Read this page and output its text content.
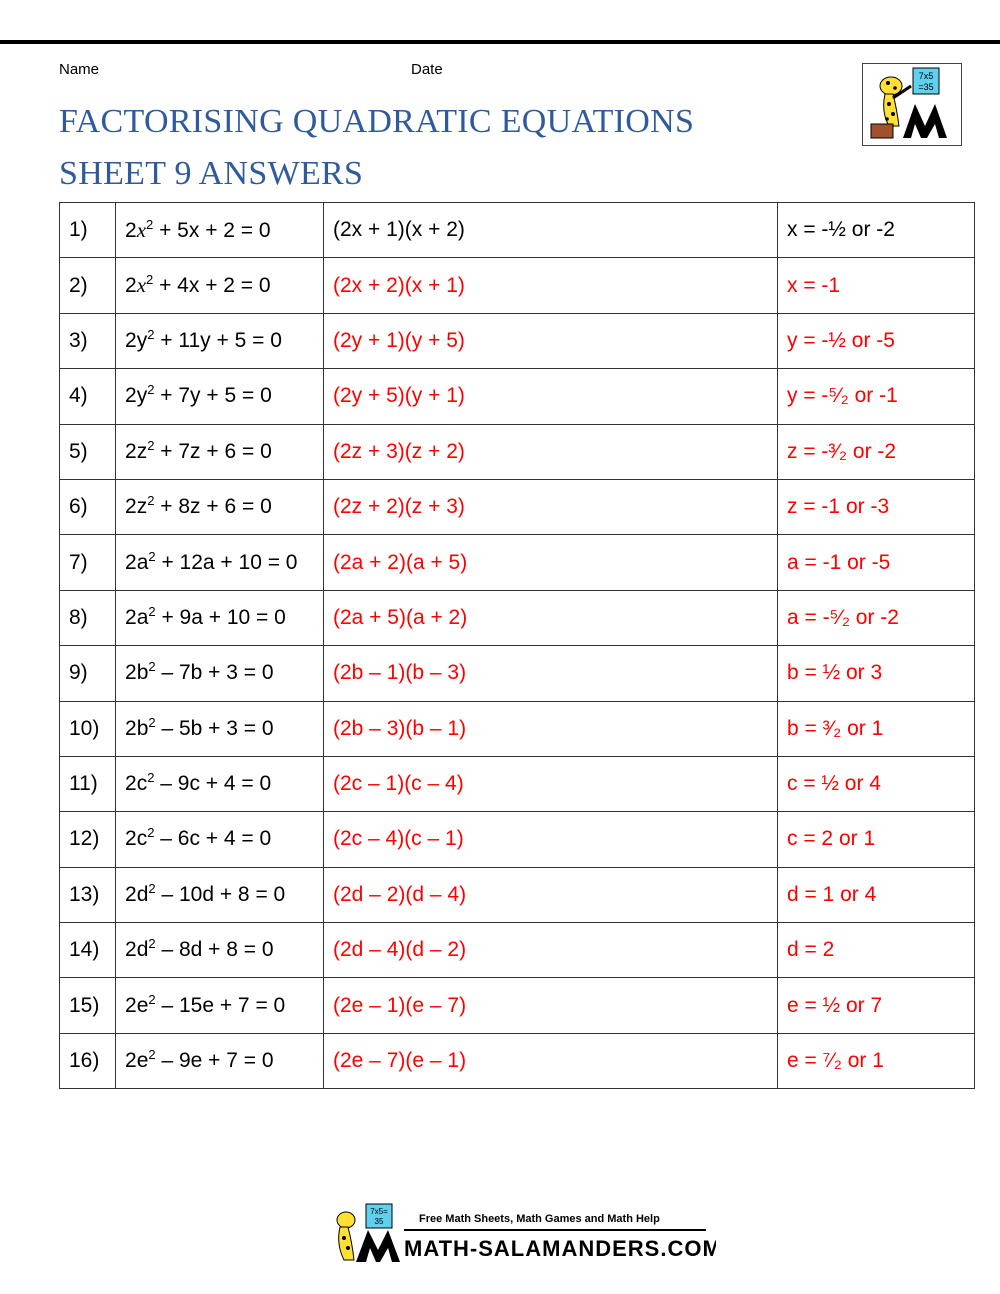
Name	Date
FACTORISING QUADRATIC EQUATIONS
SHEET 9 ANSWERS
7x5
=35
1)	$2x^2 + 5x + 2 = 0$	(2x + 1)(x + 2)	x = -½ or -2
2)	$2x^2 + 4x + 2 = 0$	(2x + 2)(x + 1)	x = -1
3)	$2y^2 + 11y + 5 = 0$	(2y + 1)(y + 5)	y = -½ or -5
4)	$2y^2 + 7y + 5 = 0$	(2y + 5)(y + 1)	y = -⁵⁄₂ or -1
5)	$2z^2 + 7z + 6 = 0$	(2z + 3)(z + 2)	z = -³⁄₂ or -2
6)	$2z^2 + 8z + 6 = 0$	(2z + 2)(z + 3)	z = -1 or -3
7)	$2a^2 + 12a + 10 = 0$	(2a + 2)(a + 5)	a = -1 or -5
8)	$2a^2 + 9a + 10 = 0$	(2a + 5)(a + 2)	a = -⁵⁄₂ or -2
9)	$2b^2 - 7b + 3 = 0$	(2b – 1)(b – 3)	b = ½ or 3
10)	$2b^2 - 5b + 3 = 0$	(2b – 3)(b – 1)	b = ³⁄₂ or 1
11)	$2c^2 - 9c + 4 = 0$	(2c – 1)(c – 4)	c = ½ or 4
12)	$2c^2 - 6c + 4 = 0$	(2c – 4)(c – 1)	c = 2 or 1
13)	$2d^2 - 10d + 8 = 0$	(2d – 2)(d – 4)	d = 1 or 4
14)	$2d^2 - 8d + 8 = 0$	(2d – 4)(d – 2)	d = 2
15)	$2e^2 - 15e + 7 = 0$	(2e – 1)(e – 7)	e = ½ or 7
16)	$2e^2 - 9e + 7 = 0$	(2e – 7)(e – 1)	e = ⁷⁄₂ or 1
7x5=
35	Free Math Sheets, Math Games and Math Help
MATH-SALAMANDERS.COM
